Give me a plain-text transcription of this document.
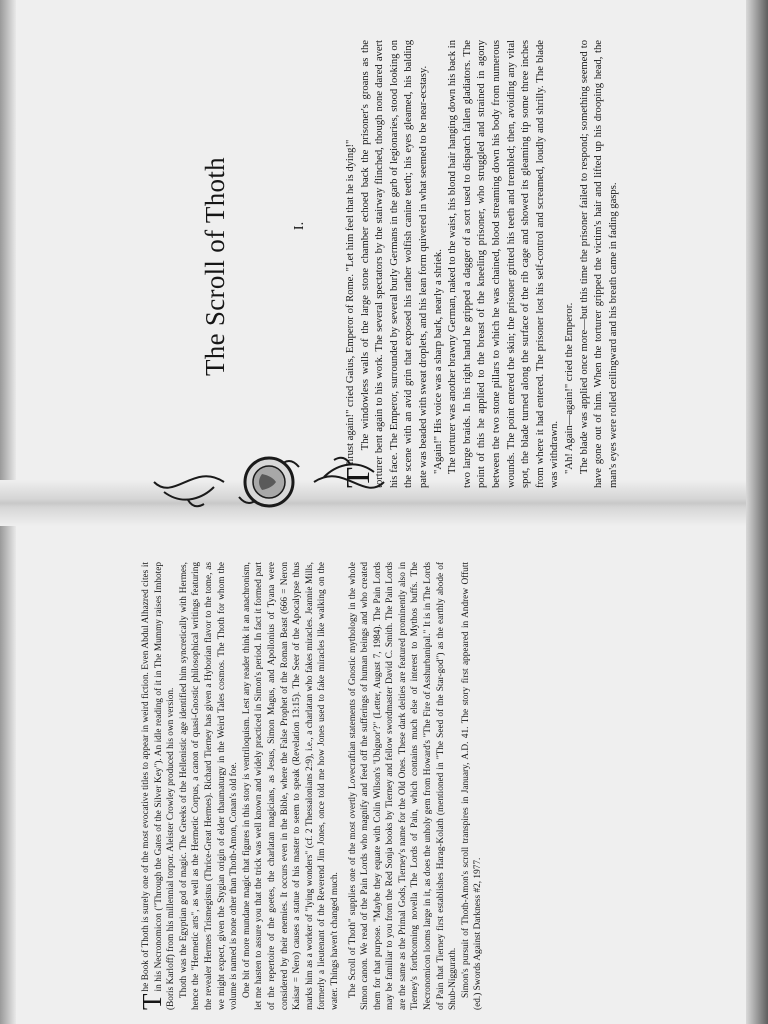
The Scroll of Thoth	I.

T
hrust again!" cried Gaius, Emperor of Rome. "Let him feel that he is dying!" The windowless walls of the large stone chamber echoed back the prisoner's groans as the torturer bent again to his work. The several spectators by the stairway flinched, though none dared avert his face. The Emperor, surrounded by several burly Germans in the garb of legionaries, stood looking on the scene with an avid grin that exposed his rather wolfish canine teeth; his eyes gleamed, his balding pate was beaded with sweat droplets, and his lean form quivered in what seemed to be near-ecstasy. "Again!" His voice was a sharp bark, nearly a shriek. The torturer was another brawny German, naked to the waist, his blond hair hanging down his back in two large braids. In his right hand he gripped a dagger of a sort used to dispatch fallen gladiators. The point of this he applied to the breast of the kneeling prisoner, who struggled and strained in agony between the two stone pillars to which he was chained, blood streaming down his body from numerous wounds. The point entered the skin; the prisoner gritted his teeth and trembled; then, avoiding any vital spot, the blade turned along the surface of the rib cage and showed its gleaming tip some three inches from where it had entered. The prisoner lost his self-control and screamed, loudly and shrilly. The blade was withdrawn. "Ah! Again—again!" cried the Emperor. The blade was applied once more—but this time the prisoner failed to respond; something seemed to have gone out of him. When the torturer gripped the victim's hair and lifted up his drooping head, the man's eyes were rolled ceilingward and his breath came in fading gasps.

T
he Book of Thoth is surely one of the most evocative titles to appear in weird fiction. Even Abdul Alhazred cites it in his Necronomicon ("Through the Gates of the Silver Key"). An idle reading of it in The Mummy raises Imhotep (Boris Karloff) from his millennial torpor. Aleister Crowley produced his own version. Thoth was the Egyptian god of magic. The Greeks of the Hellenistic age identified him syncretically with Hermes, hence the "Hermetic arts", as well as the Hermetic Corpus, a canon of quasi-Gnostic philosophical writings featuring the revealer Hermes Trismegistus (Thrice-Great Hermes). Richard Tierney has given a Hyborian flavor to the tome, as we might expect, given the Stygian origin of elder thaumaturgy in the Weird Tales cosmos. The Thoth for whom the volume is named is none other than Thoth-Amon, Conan's old foe. One bit of more mundane magic that figures in this story is ventriloquism. Lest any reader think it an anachronism, let me hasten to assure you that the trick was well known and widely practiced in Simon's period. In fact it formed part of the repertoire of the goetes, the charlatan magicians, as Jesus, Simon Magus, and Apollonius of Tyana were considered by their enemies. It occurs even in the Bible, where the False Prophet of the Roman Beast (666 = Neron Kaisar = Nero) causes a statue of his master to seem to speak (Revelation 13:15). The Seer of the Apocalypse thus marks him as a worker of "lying wonders" (cf. 2 Thessalonians 2:9), i.e., a charlatan who fakes miracles. Jeannie Mills, formerly a lieutenant of the Reverend Jim Jones, once told me how Jones used to fake miracles like walking on the water. Things haven't changed much. The Scroll of Thoth" supplies one of the most overtly Lovecraftian statements of Gnostic mythology in the whole Simon canon. We read of the Pain Lords who magnify and feed off the sufferings of human beings and who created them for that purpose. "Maybe they equate with Colin Wilson's 'Ubiguor'?" (Letter, August 7, 1984). The Pain Lords may be familiar to you from the Red Sonja books by Tierney and fellow swordmaster David C. Smith. The Pain Lords are the same as the Primal Gods, Tierney's name for the Old Ones. These dark deities are featured prominently also in Tierney's forthcoming novella The Lords of Pain, which contains much else of interest to Mythos buffs. The Necronomicon looms large in it, as does the unholy gem from Howard's "The Fire of Asshurbanipal." It is in The Lords of Pain that Tierney first establishes Harag-Kolath (mentioned in "The Seed of the Star-god") as the earthly abode of Shub-Niggurath. Simon's pursuit of Thoth-Amon's scroll transpires in January, A.D. 41. The story first appeared in Andrew Offutt (ed.) Swords Against Darkness #2, 1977.
